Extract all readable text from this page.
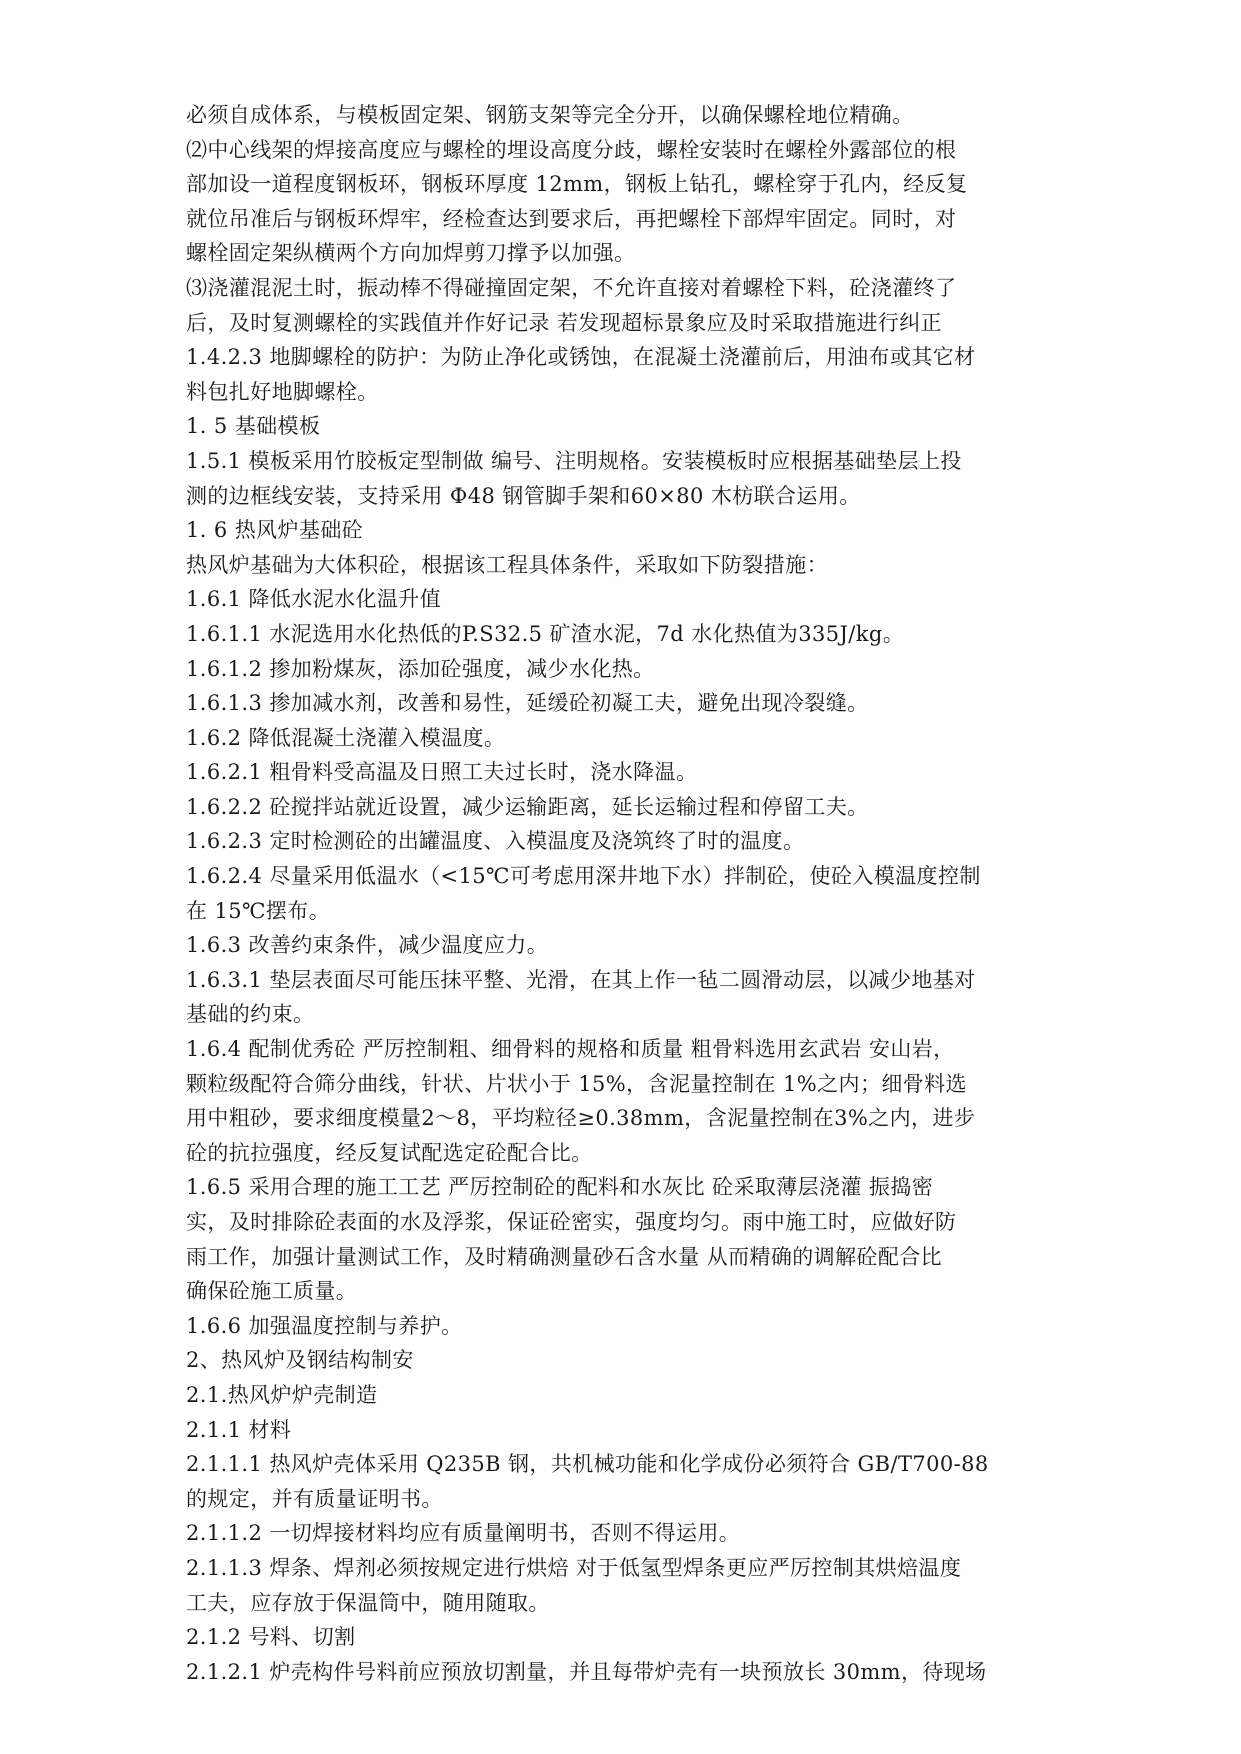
必须自成体系，与模板固定架、钢筋支架等完全分开，以确保螺栓地位精确。
⑵中心线架的焊接高度应与螺栓的埋设高度分歧，螺栓安装时在螺栓外露部位的根
部加设一道程度钢板环，钢板环厚度 12mm，钢板上钻孔，螺栓穿于孔内，经反复
就位吊准后与钢板环焊牢，经检查达到要求后，再把螺栓下部焊牢固定。同时，对
螺栓固定架纵横两个方向加焊剪刀撑予以加强。
⑶浇灌混泥土时，振动棒不得碰撞固定架，不允许直接对着螺栓下料，砼浇灌终了
后，及时复测螺栓的实践值并作好记录 若发现超标景象应及时采取措施进行纠正
1.4.2.3 地脚螺栓的防护：为防止净化或锈蚀，在混凝土浇灌前后，用油布或其它材
料包扎好地脚螺栓。
1. 5 基础模板
1.5.1 模板采用竹胶板定型制做 编号、注明规格。安装模板时应根据基础垫层上投
测的边框线安装，支持采用 Ф48 钢管脚手架和60×80 木枋联合运用。
1. 6 热风炉基础砼
热风炉基础为大体积砼，根据该工程具体条件，采取如下防裂措施：
1.6.1 降低水泥水化温升值
1.6.1.1 水泥选用水化热低的P.S32.5 矿渣水泥，7d 水化热值为335J/kg。
1.6.1.2 掺加粉煤灰，添加砼强度，减少水化热。
1.6.1.3 掺加减水剂，改善和易性，延缓砼初凝工夫，避免出现冷裂缝。
1.6.2 降低混凝土浇灌入模温度。
1.6.2.1 粗骨料受高温及日照工夫过长时，浇水降温。
1.6.2.2 砼搅拌站就近设置，减少运输距离，延长运输过程和停留工夫。
1.6.2.3 定时检测砼的出罐温度、入模温度及浇筑终了时的温度。
1.6.2.4 尽量采用低温水（<15℃可考虑用深井地下水）拌制砼，使砼入模温度控制
在 15℃摆布。
1.6.3 改善约束条件，减少温度应力。
1.6.3.1 垫层表面尽可能压抹平整、光滑，在其上作一毡二圆滑动层，以减少地基对
基础的约束。
1.6.4 配制优秀砼 严厉控制粗、细骨料的规格和质量 粗骨料选用玄武岩 安山岩，
颗粒级配符合筛分曲线，针状、片状小于 15%，含泥量控制在 1%之内；细骨料选
用中粗砂，要求细度模量2～8，平均粒径≥0.38mm，含泥量控制在3%之内，进步
砼的抗拉强度，经反复试配选定砼配合比。
1.6.5 采用合理的施工工艺 严厉控制砼的配料和水灰比 砼采取薄层浇灌 振捣密
实，及时排除砼表面的水及浮浆，保证砼密实，强度均匀。雨中施工时，应做好防
雨工作，加强计量测试工作，及时精确测量砂石含水量 从而精确的调解砼配合比
确保砼施工质量。
1.6.6 加强温度控制与养护。
2、热风炉及钢结构制安
2.1.热风炉炉壳制造
2.1.1 材料
2.1.1.1 热风炉壳体采用 Q235B 钢，共机械功能和化学成份必须符合 GB/T700-88
的规定，并有质量证明书。
2.1.1.2 一切焊接材料均应有质量阐明书，否则不得运用。
2.1.1.3 焊条、焊剂必须按规定进行烘焙 对于低氢型焊条更应严厉控制其烘焙温度
工夫，应存放于保温筒中，随用随取。
2.1.2 号料、切割
2.1.2.1 炉壳构件号料前应预放切割量，并且每带炉壳有一块预放长 30mm，待现场
